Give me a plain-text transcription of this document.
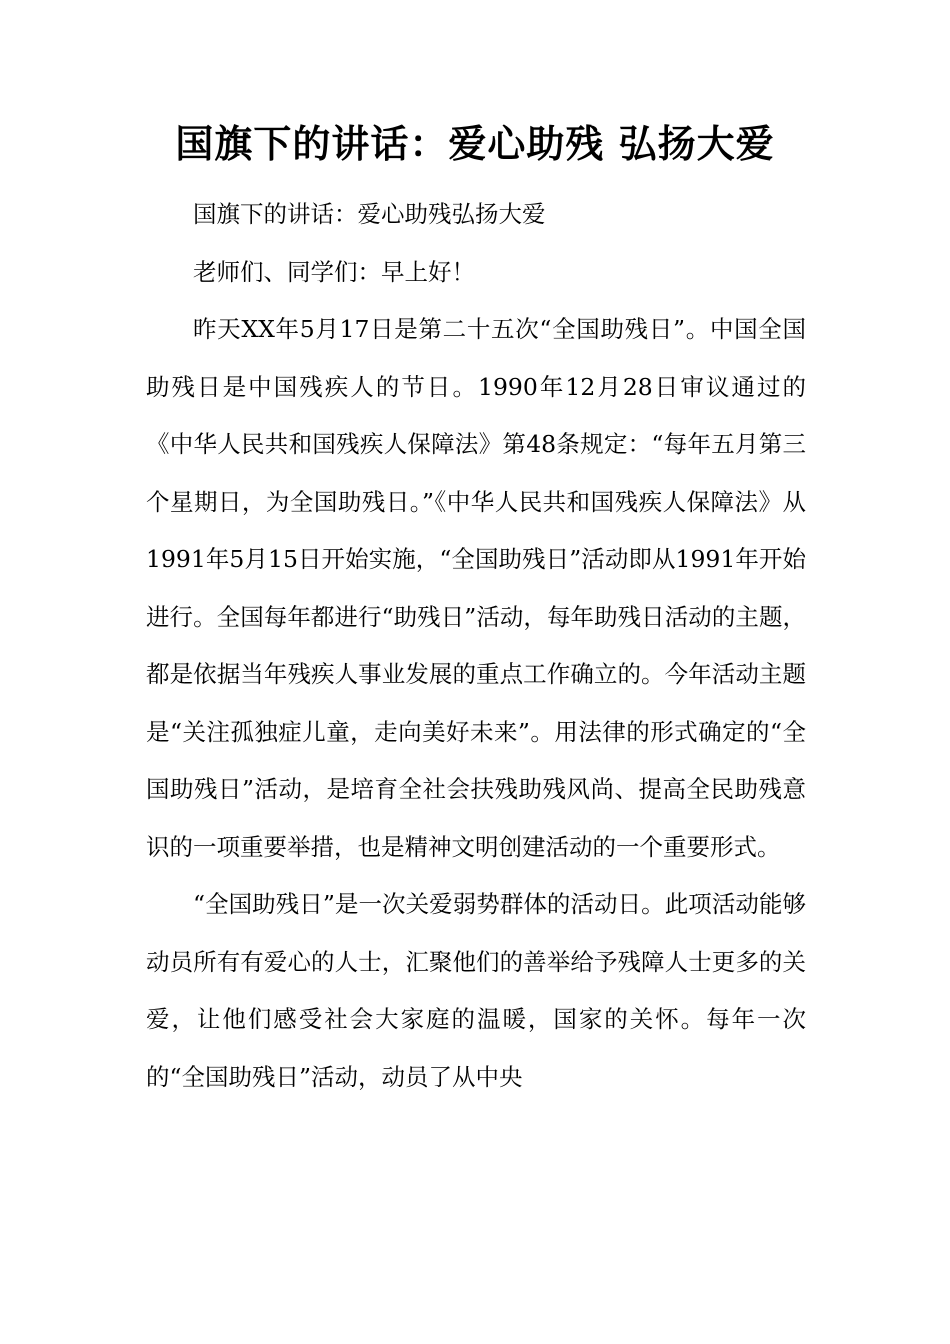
国旗下的讲话：爱心助残 弘扬大爱

国旗下的讲话：爱心助残弘扬大爱

老师们、同学们：早上好！

昨天XX年5月17日是第二十五次“全国助残日”。中国全国助残日是中国残疾人的节日。1990年12月28日审议通过的《中华人民共和国残疾人保障法》第48条规定：“每年五月第三个星期日，为全国助残日。”《中华人民共和国残疾人保障法》从1991年5月15日开始实施，“全国助残日”活动即从1991年开始进行。全国每年都进行“助残日”活动，每年助残日活动的主题，都是依据当年残疾人事业发展的重点工作确立的。今年活动主题是“关注孤独症儿童，走向美好未来”。用法律的形式确定的“全国助残日”活动，是培育全社会扶残助残风尚、提高全民助残意识的一项重要举措，也是精神文明创建活动的一个重要形式。

“全国助残日”是一次关爱弱势群体的活动日。此项活动能够动员所有有爱心的人士，汇聚他们的善举给予残障人士更多的关爱，让他们感受社会大家庭的温暖，国家的关怀。每年一次的“全国助残日”活动，动员了从中央
